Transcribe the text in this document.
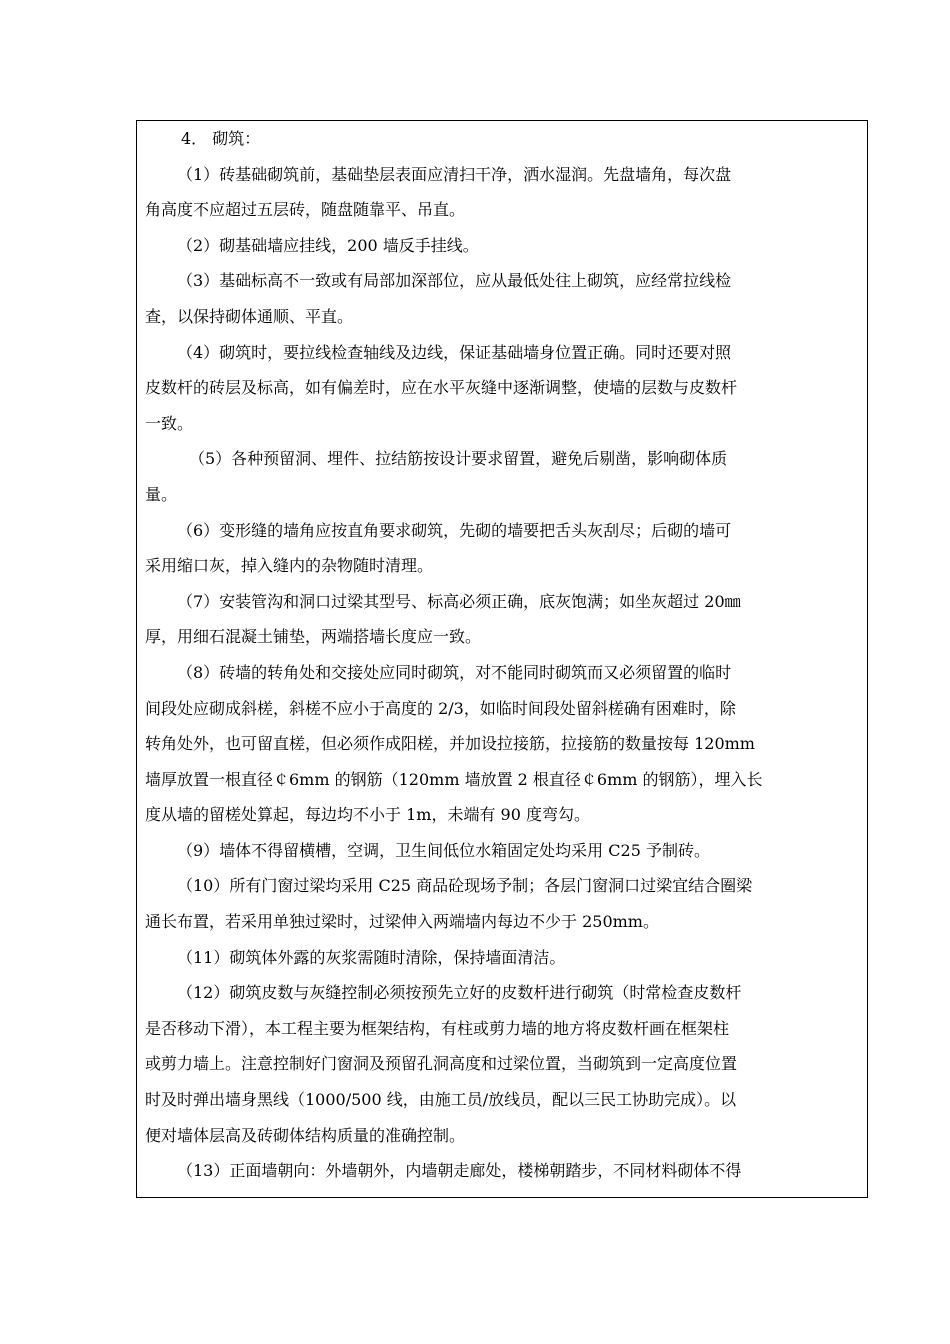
4． 砌筑：
（1）砖基础砌筑前，基础垫层表面应清扫干净，洒水湿润。先盘墙角，每次盘
角高度不应超过五层砖，随盘随靠平、吊直。
（2）砌基础墙应挂线，200 墙反手挂线。
（3）基础标高不一致或有局部加深部位，应从最低处往上砌筑，应经常拉线检
查，以保持砌体通顺、平直。
（4）砌筑时，要拉线检查轴线及边线，保证基础墙身位置正确。同时还要对照
皮数杆的砖层及标高，如有偏差时，应在水平灰缝中逐渐调整，使墙的层数与皮数杆
一致。
（5）各种预留洞、埋件、拉结筋按设计要求留置，避免后剔凿，影响砌体质
量。
（6）变形缝的墙角应按直角要求砌筑，先砌的墙要把舌头灰刮尽；后砌的墙可
采用缩口灰，掉入缝内的杂物随时清理。
（7）安装管沟和洞口过梁其型号、标高必须正确，底灰饱满；如坐灰超过 20㎜
厚，用细石混凝土铺垫，两端搭墙长度应一致。
（8）砖墙的转角处和交接处应同时砌筑，对不能同时砌筑而又必须留置的临时
间段处应砌成斜槎，斜槎不应小于高度的 2/3，如临时间段处留斜槎确有困难时，除
转角处外，也可留直槎，但必须作成阳槎，并加设拉接筋，拉接筋的数量按每 120mm
墙厚放置一根直径￠6mm 的钢筋（120mm 墙放置 2 根直径￠6mm 的钢筋），埋入长
度从墙的留槎处算起，每边均不小于 1m，未端有 90 度弯勾。
（9）墙体不得留横槽，空调，卫生间低位水箱固定处均采用 C25 予制砖。
（10）所有门窗过梁均采用 C25 商品砼现场予制；各层门窗洞口过梁宜结合圈梁
通长布置，若采用单独过梁时，过梁伸入两端墙内每边不少于 250mm。
（11）砌筑体外露的灰浆需随时清除，保持墙面清洁。
（12）砌筑皮数与灰缝控制必须按预先立好的皮数杆进行砌筑（时常检查皮数杆
是否移动下滑），本工程主要为框架结构，有柱或剪力墙的地方将皮数杆画在框架柱
或剪力墙上。注意控制好门窗洞及预留孔洞高度和过梁位置，当砌筑到一定高度位置
时及时弹出墙身黑线（1000/500 线，由施工员/放线员，配以三民工协助完成）。以
便对墙体层高及砖砌体结构质量的准确控制。
（13）正面墙朝向：外墙朝外，内墙朝走廊处，楼梯朝踏步，不同材料砌体不得
